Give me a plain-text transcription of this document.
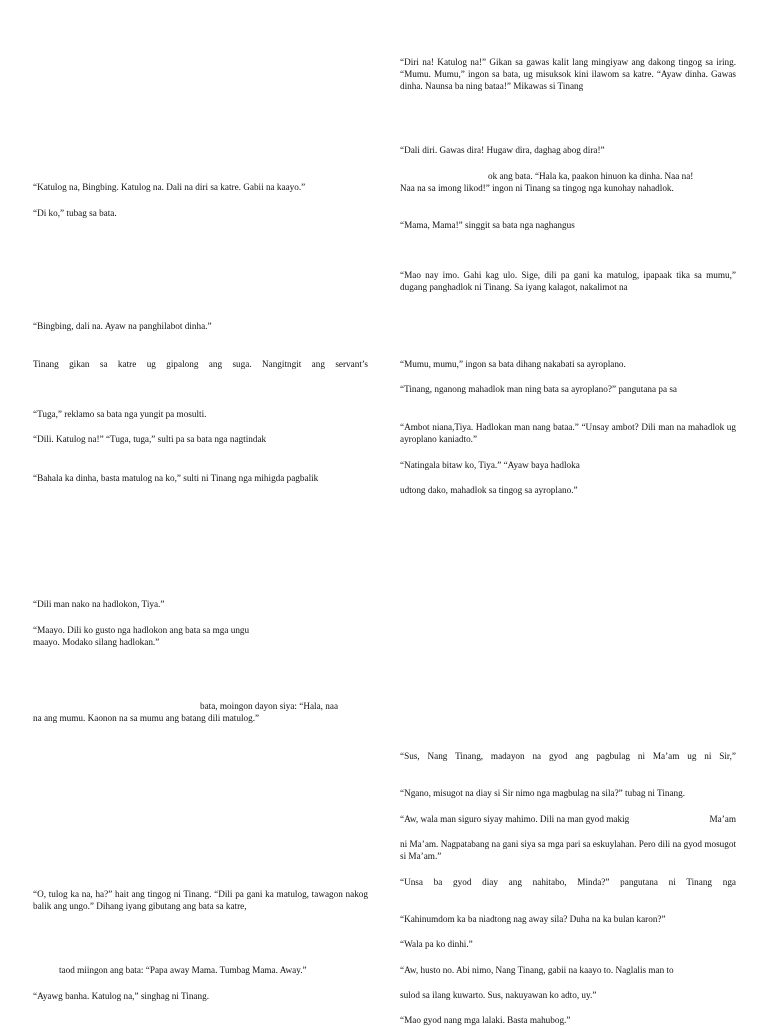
“Katulog na, Bingbing. Katulog na. Dali na diri sa katre. Gabii na kaayo.”

“Di ko,” tubag sa bata.

“Bingbing, dali na. Ayaw na panghilabot dinha.”

Tinang gikan sa katre ug gipalong ang suga. Nangitngit ang servant’s

“Tuga,” reklamo sa bata nga yungit pa mosulti.

“Dili. Katulog na!” “Tuga, tuga,” sulti pa sa bata nga nagtindak

“Bahala ka dinha, basta matulog na ko,” sulti ni Tinang nga mihigda pagbalik

“Dili man nako na hadlokon, Tiya.”

“Maayo. Dili ko gusto nga hadlokon ang bata sa mga ungu
maayo. Modako silang hadlokan.”

bata, moingon dayon siya: “Hala, naa
na ang mumu. Kaonon na sa mumu ang batang dili matulog.”

“O, tulog ka na, ha?” hait ang tingog ni Tinang. “Dili pa gani ka matulog, tawagon nakog balik ang ungo.” Dihang iyang gibutang ang bata sa katre,

taod miingon ang bata: “Papa away Mama. Tumbag Mama. Away.”

“Ayawg banha. Katulog na,” singhag ni Tinang.

“Diri na! Katulog na!” Gikan sa gawas kalit lang mingiyaw ang dakong tingog sa iring. “Mumu. Mumu,” ingon sa bata, ug misuksok kini ilawom sa katre. “Ayaw dinha. Gawas dinha. Naunsa ba ning bataa!” Mikawas si Tinang

“Dali diri. Gawas dira! Hugaw dira, daghag abog dira!”

ok ang bata. “Hala ka, paakon hinuon ka dinha. Naa na!
Naa na sa imong likod!” ingon ni Tinang sa tingog nga kunohay nahadlok.

“Mama, Mama!” singgit sa bata nga naghangus

“Mao nay imo. Gahi kag ulo. Sige, dili pa gani ka matulog, ipapaak tika sa mumu,” dugang panghadlok ni Tinang. Sa iyang kalagot, nakalimot na

“Mumu, mumu,” ingon sa bata dihang nakabati sa ayroplano.

“Tinang, nganong mahadlok man ning bata sa ayroplano?” pangutana pa sa

“Ambot niana,Tiya. Hadlokan man nang bataa.” “Unsay ambot? Dili man na mahadlok ug ayroplano kaniadto.”

“Natingala bitaw ko, Tiya.” “Ayaw baya hadloka

udtong dako, mahadlok sa tingog sa ayroplano.”

“Sus, Nang Tinang, madayon na gyod ang pagbulag ni Ma’am ug ni Sir,”

“Ngano, misugot na diay si Sir nimo nga magbulag na sila?” tubag ni Tinang.

“Aw, wala man siguro siyay mahimo. Dili na man gyod makig	Ma’am

ni Ma’am. Nagpatabang na gani siya sa mga pari sa eskuylahan. Pero dili na gyod mosugot si Ma’am.”

“Unsa ba gyod diay ang nahitabo, Minda?” pangutana ni Tinang nga

“Kahinumdom ka ba niadtong nag away sila? Duha na ka bulan karon?”

“Wala pa ko dinhi.”

“Aw, husto no. Abi nimo, Nang Tinang, gabii na kaayo to. Naglalis man to

sulod sa ilang kuwarto. Sus, nakuyawan ko adto, uy.”

“Mao gyod nang mga lalaki. Basta mahubog.”
